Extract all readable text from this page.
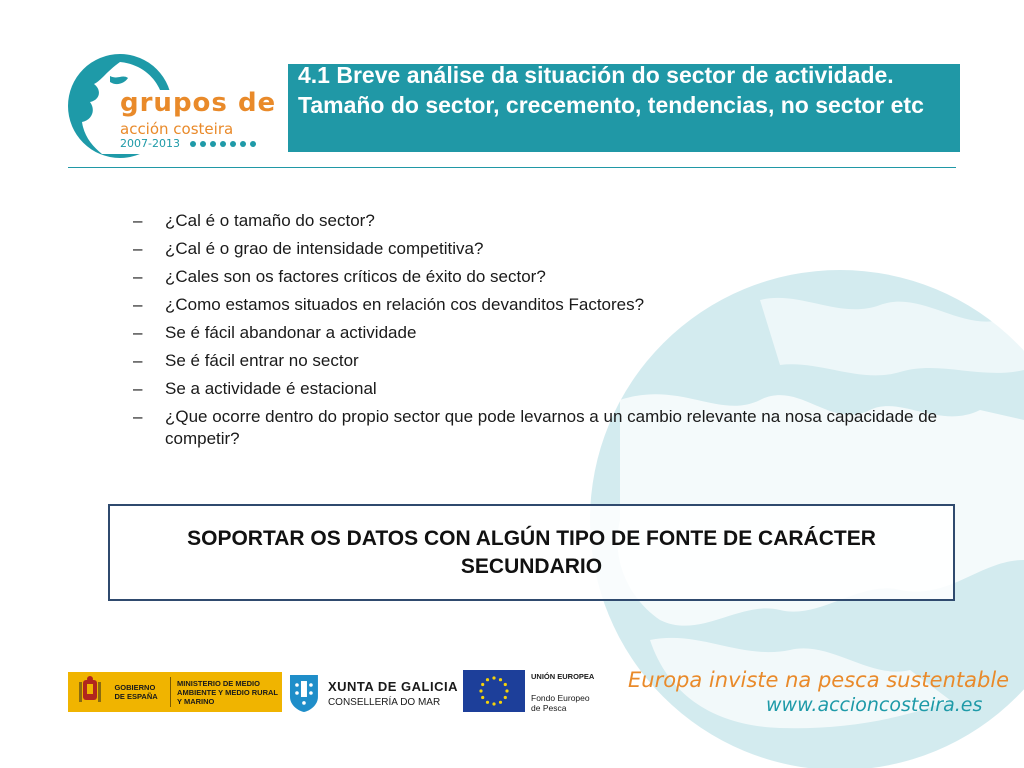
grupos de
acción costeira
2007-2013

4.1 Breve análise da situación do sector de actividade. Tamaño do sector, crecemento, tendencias, no sector etc

– ¿Cal é o tamaño do sector?
– ¿Cal é o grao de intensidade competitiva?
– ¿Cales son os factores críticos de éxito do sector?
– ¿Como estamos situados en relación cos devanditos Factores?
– Se é fácil abandonar a actividade
– Se é fácil entrar no sector
– Se a actividade é estacional
– ¿Que ocorre dentro do propio sector que pode levarnos a un cambio relevante na nosa capacidade de competir?

SOPORTAR OS DATOS CON ALGÚN TIPO DE FONTE DE CARÁCTER SECUNDARIO

GOBIERNO DE ESPAÑA
MINISTERIO DE MEDIO AMBIENTE Y MEDIO RURAL Y MARINO
XUNTA DE GALICIA
CONSELLERÍA DO MAR
UNIÓN EUROPEA
Fondo Europeo de Pesca
Europa inviste na pesca sustentable
www.accioncosteira.es
